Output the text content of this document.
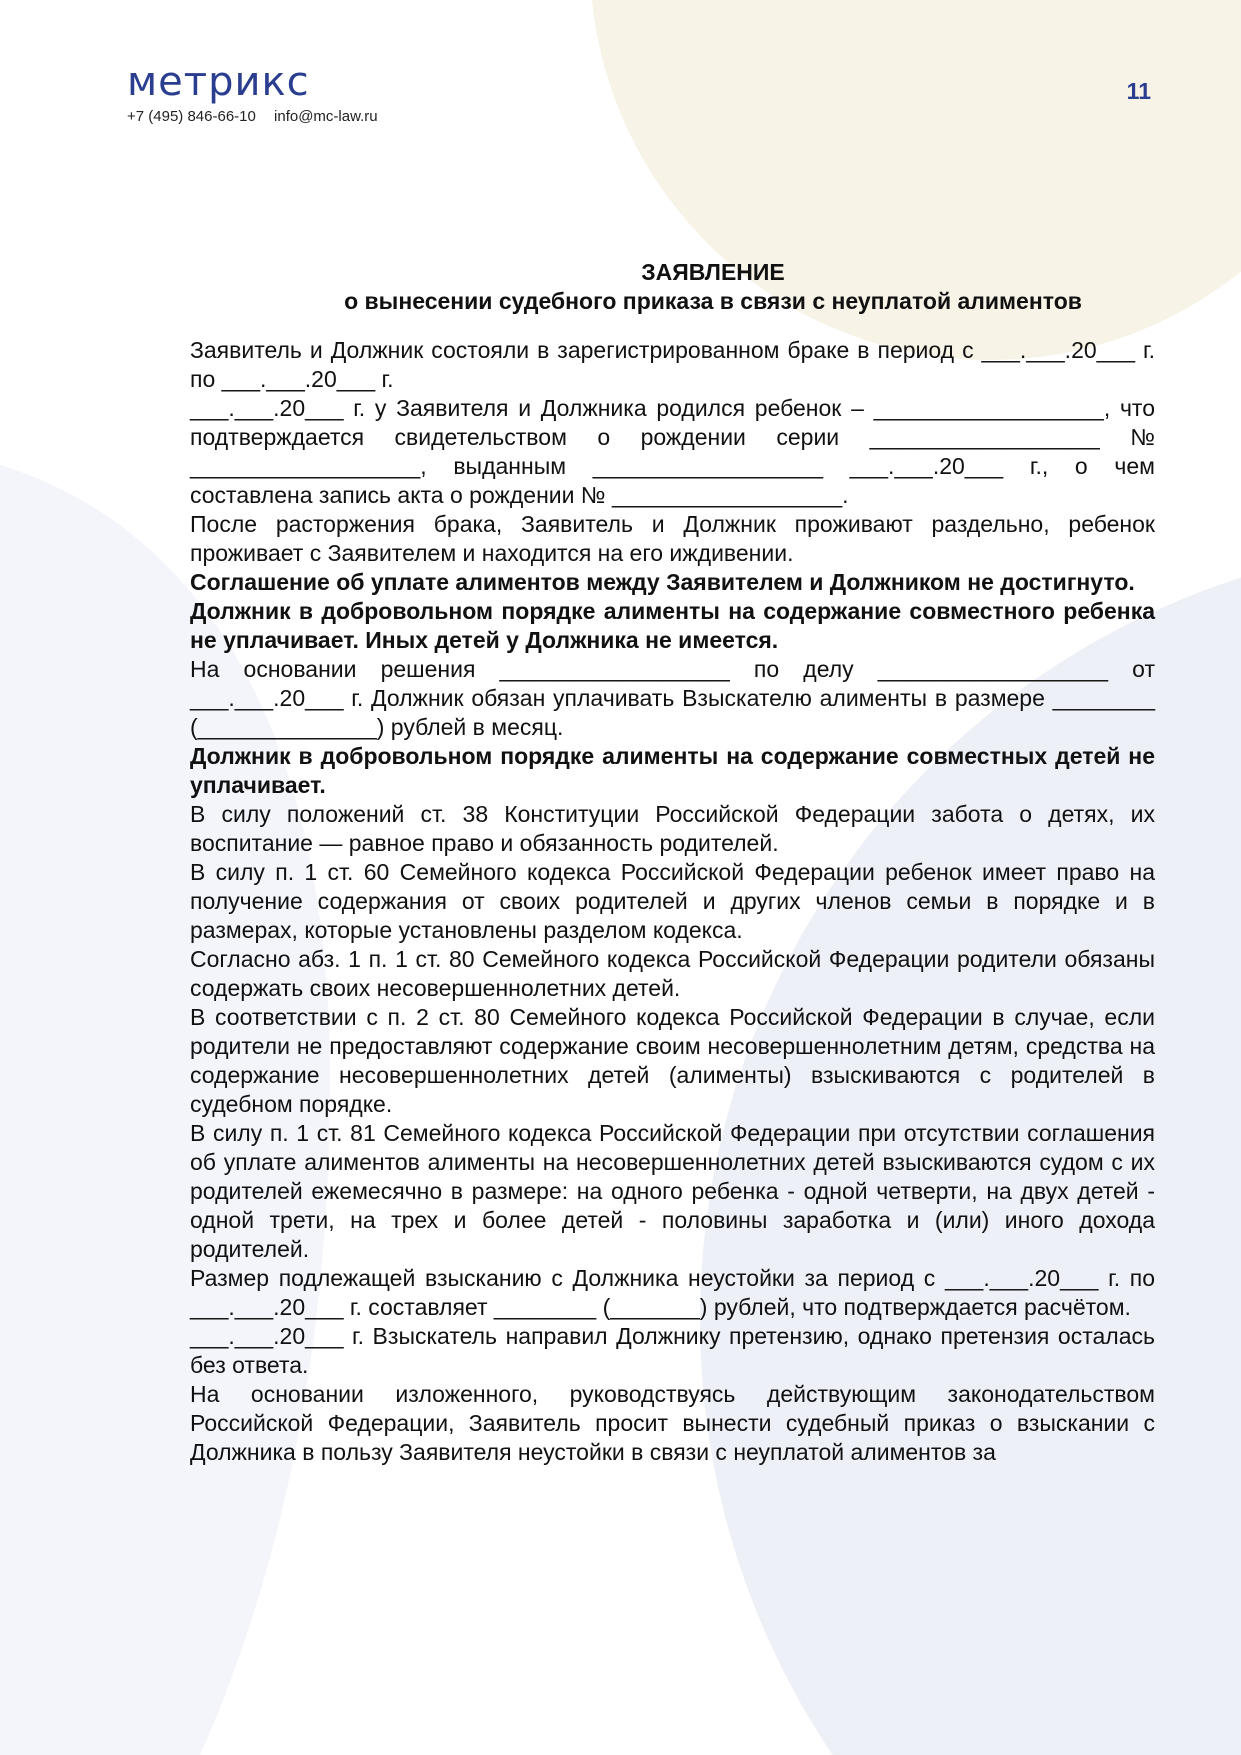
метрикс
+7 (495) 846-66-10 info@mc-law.ru
11
ЗАЯВЛЕНИЕ
о вынесении судебного приказа в связи с неуплатой алиментов

Заявитель и Должник состояли в зарегистрированном браке в период с ___.___.20___ г. по ___.___.20___ г.

___.___.20___ г. у Заявителя и Должника родился ребенок – __________________, что подтверждается свидетельством о рождении серии __________________ № __________________, выданным __________________ ___.___.20___ г., о чем составлена запись акта о рождении № __________________.

После расторжения брака, Заявитель и Должник проживают раздельно, ребенок проживает с Заявителем и находится на его иждивении.

Соглашение об уплате алиментов между Заявителем и Должником не достигнуто.

Должник в добровольном порядке алименты на содержание совместного ребенка не уплачивает. Иных детей у Должника не имеется.

На основании решения __________________ по делу __________________ от ___.___.20___ г. Должник обязан уплачивать Взыскателю алименты в размере ________ (______________) рублей в месяц.

Должник в добровольном порядке алименты на содержание совместных детей не уплачивает.

В силу положений ст. 38 Конституции Российской Федерации забота о детях, их воспитание — равное право и обязанность родителей.

В силу п. 1 ст. 60 Семейного кодекса Российской Федерации ребенок имеет право на получение содержания от своих родителей и других членов семьи в порядке и в размерах, которые установлены разделом кодекса.

Согласно абз. 1 п. 1 ст. 80 Семейного кодекса Российской Федерации родители обязаны содержать своих несовершеннолетних детей.

В соответствии с п. 2 ст. 80 Семейного кодекса Российской Федерации в случае, если родители не предоставляют содержание своим несовершеннолетним детям, средства на содержание несовершеннолетних детей (алименты) взыскиваются с родителей в судебном порядке.

В силу п. 1 ст. 81 Семейного кодекса Российской Федерации при отсутствии соглашения об уплате алиментов алименты на несовершеннолетних детей взыскиваются судом с их родителей ежемесячно в размере: на одного ребенка - одной четверти, на двух детей - одной трети, на трех и более детей - половины заработка и (или) иного дохода родителей.

Размер подлежащей взысканию с Должника неустойки за период с ___.___.20___ г. по ___.___.20___ г. составляет ________ (_______) рублей, что подтверждается расчётом.

___.___.20___ г. Взыскатель направил Должнику претензию, однако претензия осталась без ответа.

На основании изложенного, руководствуясь действующим законодательством Российской Федерации, Заявитель просит вынести судебный приказ о взыскании с Должника в пользу Заявителя неустойки в связи с неуплатой алиментов за
